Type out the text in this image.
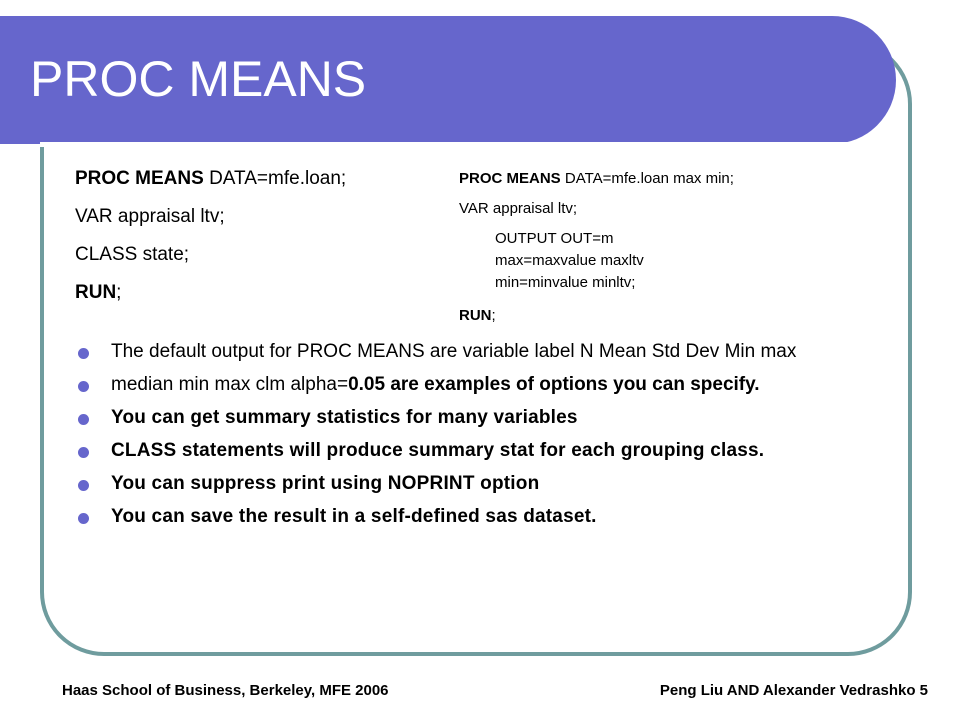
PROC MEANS
PROC MEANS DATA=mfe.loan;
VAR appraisal ltv;
CLASS state;
RUN;
PROC MEANS DATA=mfe.loan max min;
VAR appraisal ltv;
OUTPUT OUT=m
max=maxvalue maxltv
min=minvalue minltv;
RUN;
The default output for PROC MEANS are variable label N Mean Std Dev Min max
median min max clm alpha=0.05 are examples of options you can specify.
You can get summary statistics for many variables
CLASS statements will produce summary stat for each grouping class.
You can suppress print using NOPRINT option
You can save the result in a self-defined sas dataset.
Haas School of Business, Berkeley, MFE 2006	Peng Liu AND Alexander Vedrashko 5
